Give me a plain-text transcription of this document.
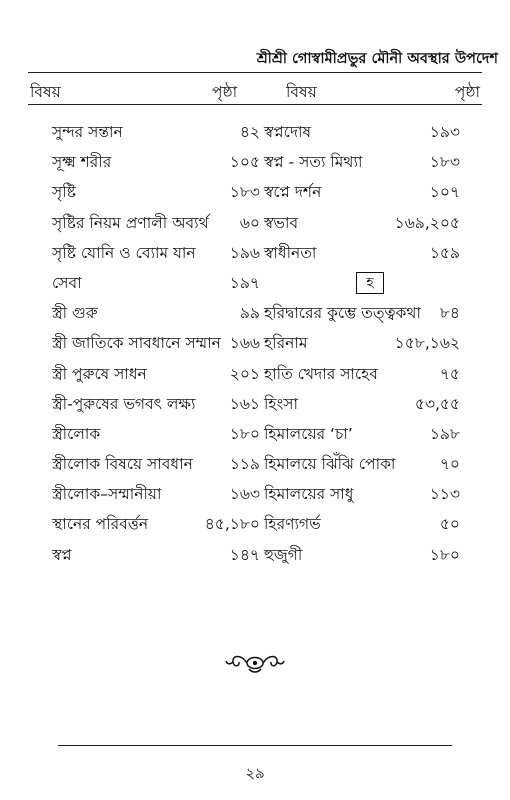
শ্রীশ্রী গোস্বামীপ্রভুর মৌনী অবস্থার উপদেশ
বিষয়	পৃষ্ঠা	বিষয়	পৃষ্ঠা
সুন্দর সন্তান	৪২ স্বপ্নদোষ	১৯৩
সূক্ষ্ম শরীর	১০৫ স্বপ্ন - সত্য মিথ্যা	১৮৩
সৃষ্টি	১৮৩ স্বপ্নে দর্শন	১০৭
সৃষ্টির নিয়ম প্রণালী অব্যর্থ ৬০ স্বভাব	১৬৯,২০৫
সৃষ্টি যোনি ও ব্যোম যান ১৯৬ স্বাধীনতা	১৫৯
সেবা	১৯৭	হ
স্ত্রী গুরু	৯৯ হরিদ্বারের কুম্ভে তত্ত্বকথা ৮৪
স্ত্রী জাতিকে সাবধানে সম্মান ১৬৬ হরিনাম	১৫৮,১৬২
স্ত্রী পুরুষে সাধন	২০১ হাতি খেদার সাহেব	৭৫
স্ত্রী-পুরুষের ভগবৎ লক্ষ্য ১৬১ হিংসা	৫৩,৫৫
স্ত্রীলোক	১৮০ হিমালয়ের ‘চা’	১৯৮
স্ত্রীলোক বিষয়ে সাবধান ১১৯ হিমালয়ে ঝিঁঝি পোকা	৭০
স্ত্রীলোক–সম্মানীয়া	১৬৩ হিমালয়ের সাধু	১১৩
স্থানের পরিবর্ত্তন	৪৫,১৮০ হিরণ্যগর্ভ	৫০
স্বপ্ন	১৪৭ হুজুগী	১৮০
২৯
